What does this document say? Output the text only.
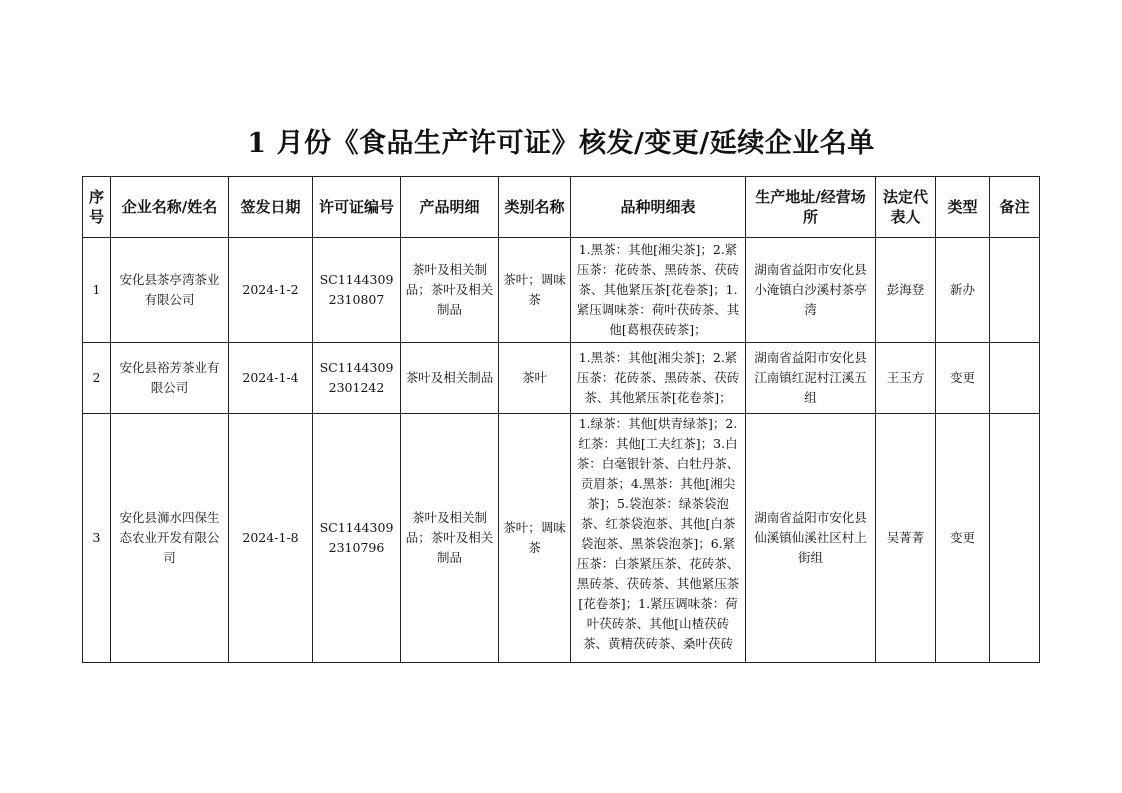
1 月份《食品生产许可证》核发/变更/延续企业名单
序号	企业名称/姓名	签发日期	许可证编号	产品明细	类别名称	品种明细表	生产地址/经营场所	法定代表人	类型	备注
1	安化县茶亭湾茶业有限公司	2024-1-2	SC11443092310807	茶叶及相关制品；茶叶及相关制品	茶叶；调味茶	1.黑茶：其他[湘尖茶]；2.紧压茶：花砖茶、黑砖茶、茯砖茶、其他紧压茶[花卷茶]；1.紧压调味茶：荷叶茯砖茶、其他[葛根茯砖茶]；	湖南省益阳市安化县小淹镇白沙溪村茶亭湾	彭海登	新办	
2	安化县裕芳茶业有限公司	2024-1-4	SC11443092301242	茶叶及相关制品	茶叶	1.黑茶：其他[湘尖茶]；2.紧压茶：花砖茶、黑砖茶、茯砖茶、其他紧压茶[花卷茶]；	湖南省益阳市安化县江南镇红泥村江溪五组	王玉方	变更	
3	安化县浉水四保生态农业开发有限公司	2024-1-8	SC11443092310796	茶叶及相关制品；茶叶及相关制品	茶叶；调味茶	1.绿茶：其他[烘青绿茶]；2.红茶：其他[工夫红茶]；3.白茶：白毫银针茶、白牡丹茶、贡眉茶；4.黑茶：其他[湘尖茶]；5.袋泡茶：绿茶袋泡茶、红茶袋泡茶、其他[白茶袋泡茶、黑茶袋泡茶]；6.紧压茶：白茶紧压茶、花砖茶、黑砖茶、茯砖茶、其他紧压茶[花卷茶]；1.紧压调味茶：荷叶茯砖茶、其他[山楂茯砖茶、黄精茯砖茶、桑叶茯砖	湖南省益阳市安化县仙溪镇仙溪社区村上街组	吴菁菁	变更	
